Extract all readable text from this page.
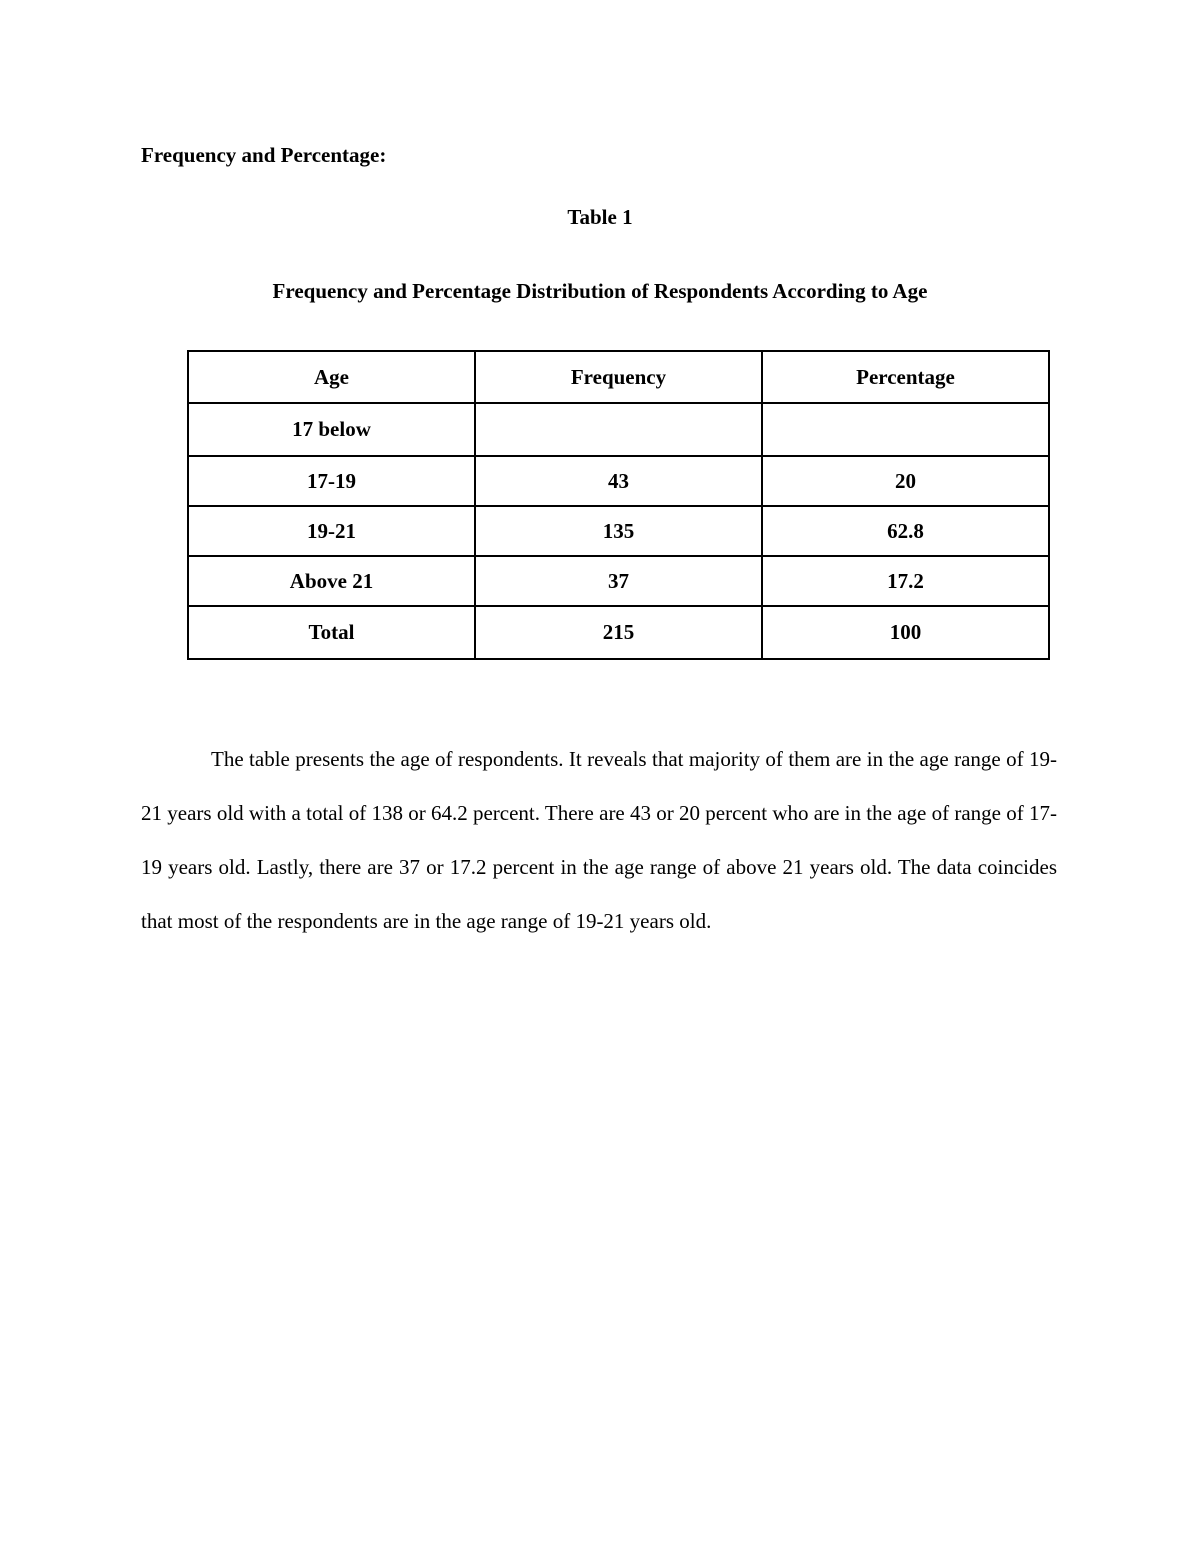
Frequency and Percentage:

Table 1

Frequency and Percentage Distribution of Respondents According to Age

Age	Frequency	Percentage
17 below		
17-19	43	20
19-21	135	62.8
Above 21	37	17.2
Total	215	100

The table presents the age of respondents. It reveals that majority of them are in the age range of 19-21 years old with a total of 138 or 64.2 percent. There are 43 or 20 percent who are in the age of range of 17-19 years old. Lastly, there are 37 or 17.2 percent in the age range of above 21 years old. The data coincides that most of the respondents are in the age range of 19-21 years old.
